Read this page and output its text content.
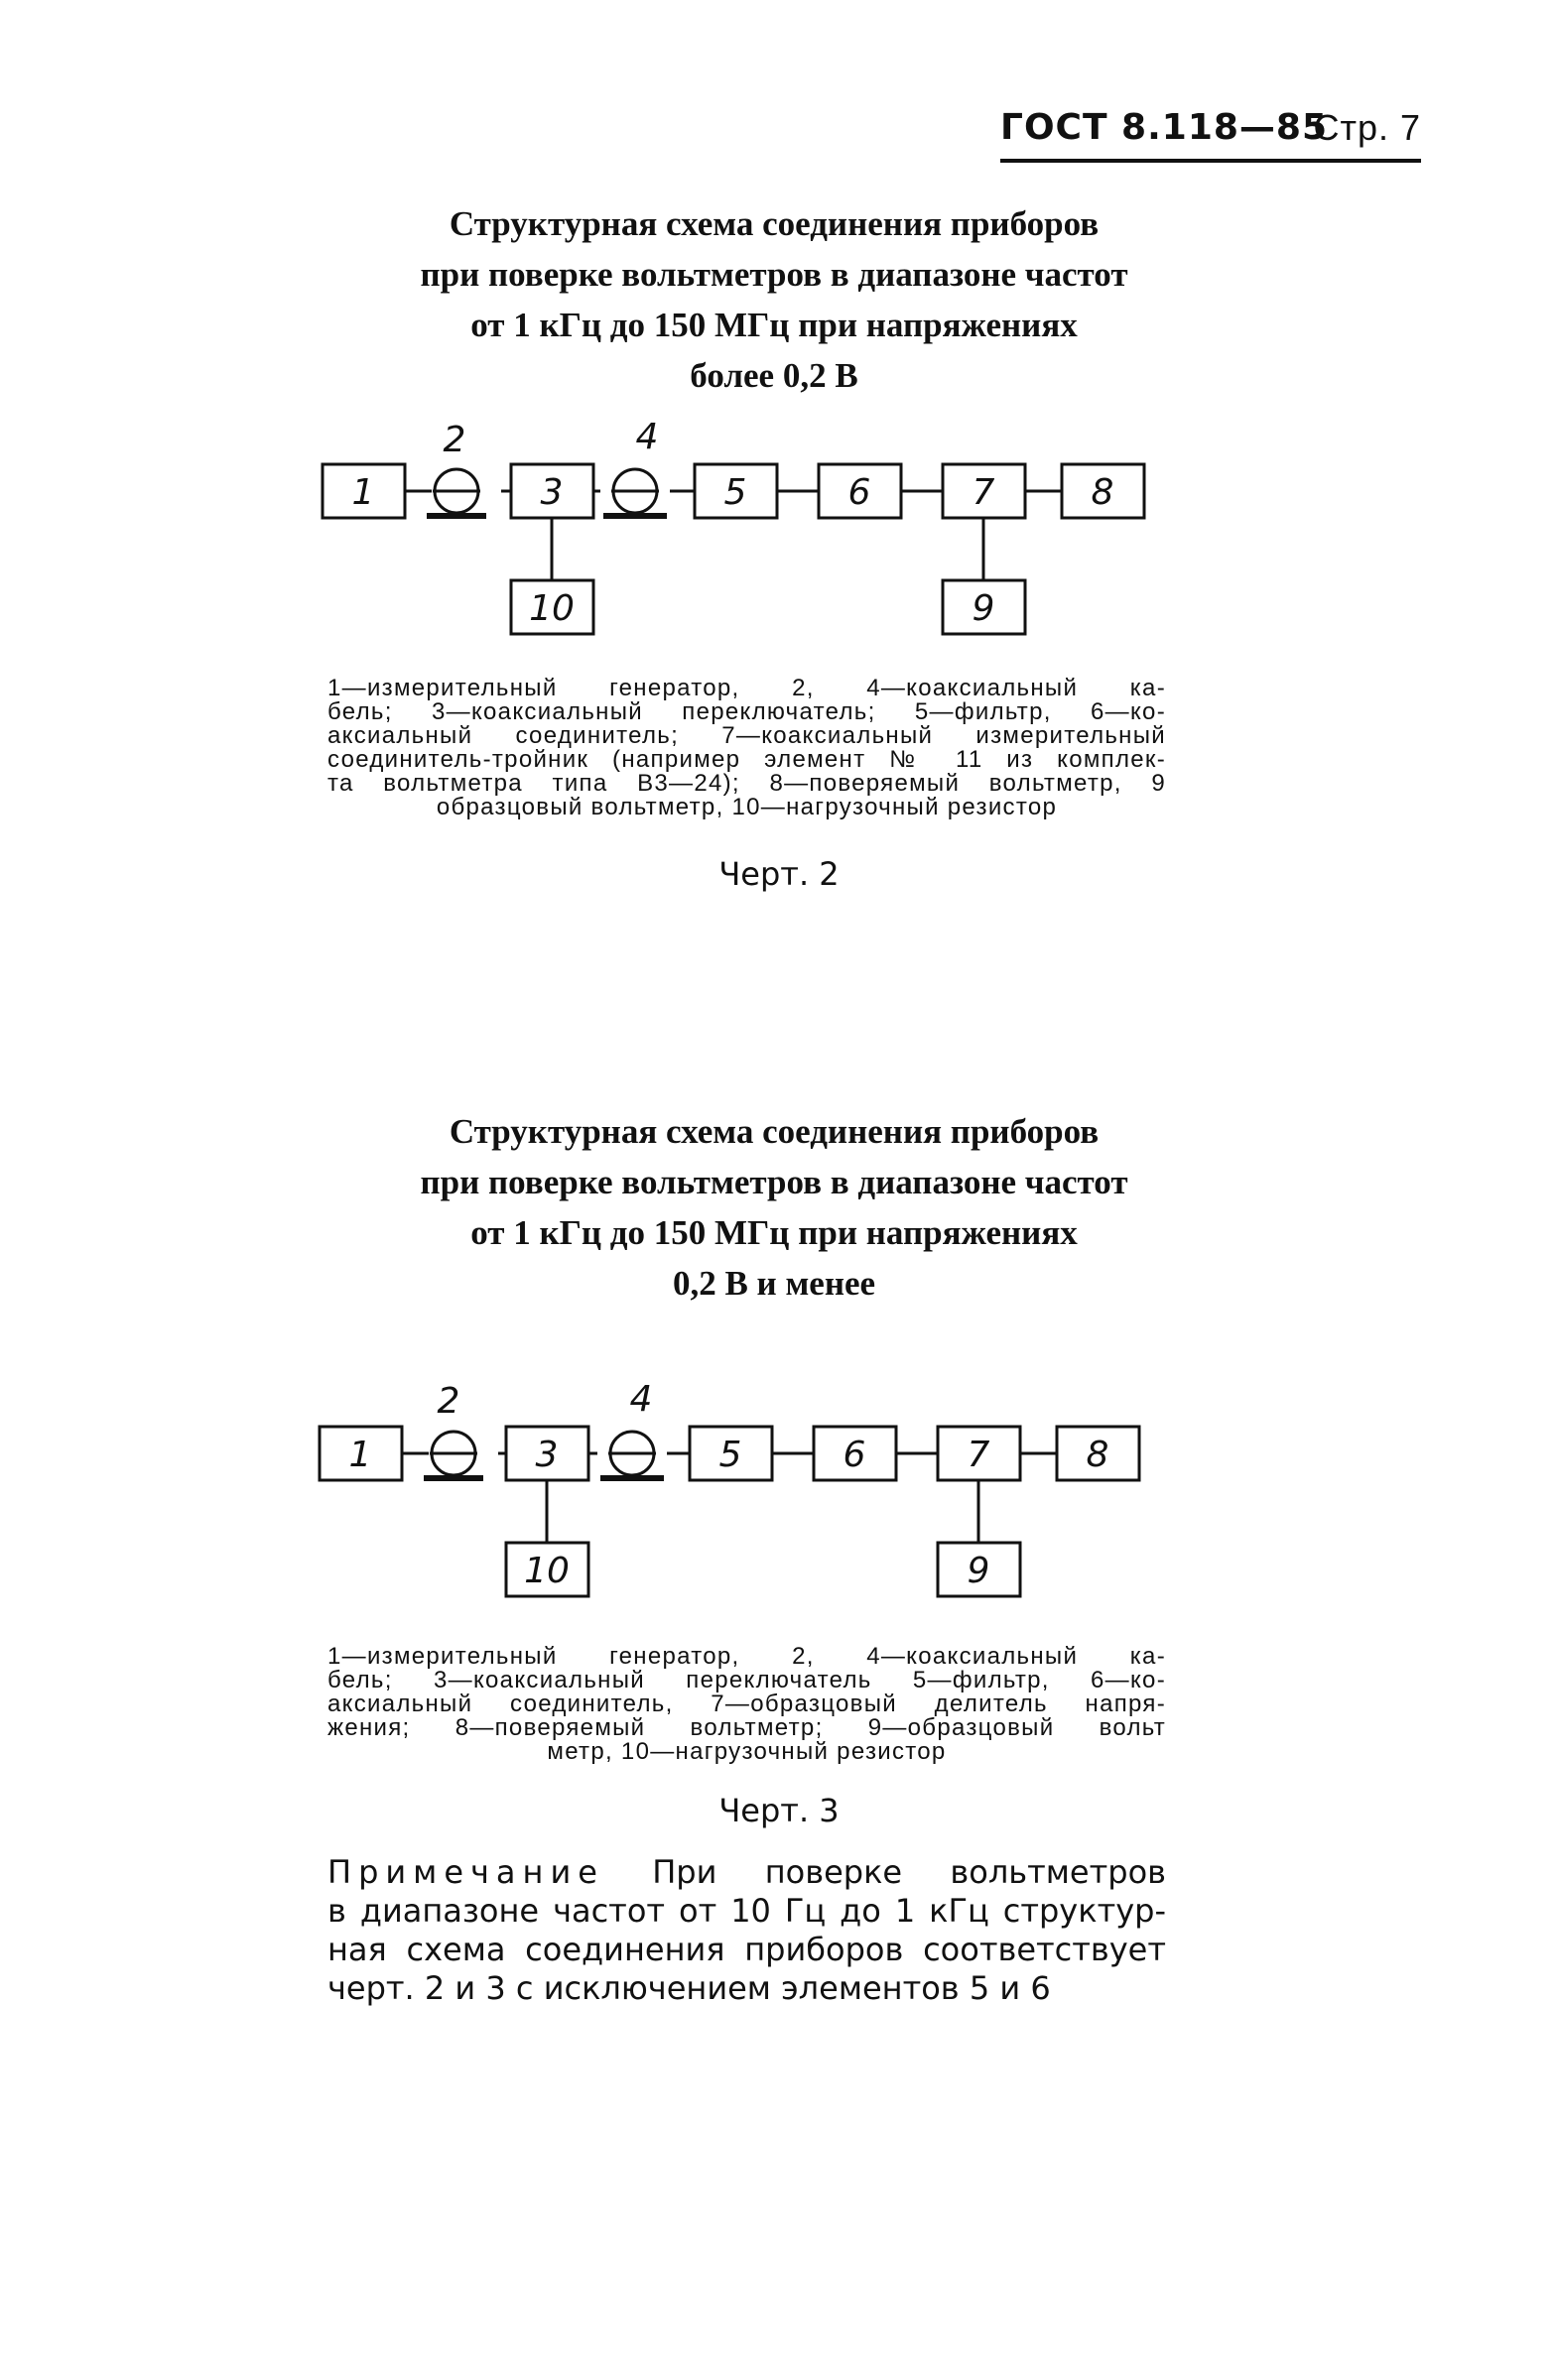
ГОСТ 8.118—85
Стр. 7
Структурная схема соединения приборов
при поверке вольтметров в диапазоне частот
от 1 кГц до 150 МГц при напряжениях
более 0,2 В
1
2
3
4
5	6	7	8
10	9
1—измерительный генератор, 2, 4—коаксиальный ка-
бель; 3—коаксиальный переключатель; 5—фильтр, 6—ко-
аксиальный соединитель; 7—коаксиальный измерительный
соединитель-тройник (например элемент № 11 из комплек-
та вольтметра типа В3—24); 8—поверяемый вольтметр, 9
образцовый вольтметр, 10—нагрузочный резистор
Черт. 2
Структурная схема соединения приборов
при поверке вольтметров в диапазоне частот
от 1 кГц до 150 МГц при напряжениях
0,2 В и менее
1
2
3
4
5	6	7	8
10	9
1—измерительный генератор, 2, 4—коаксиальный ка-
бель; 3—коаксиальный переключатель 5—фильтр, 6—ко-
аксиальный соединитель, 7—образцовый делитель напря-
жения; 8—поверяемый вольтметр; 9—образцовый вольт
метр, 10—нагрузочный резистор
Черт. 3
Примечание При поверке вольтметров
в диапазоне частот от 10 Гц до 1 кГц структур-
ная схема соединения приборов соответствует
черт. 2 и 3 с исключением элементов 5 и 6
